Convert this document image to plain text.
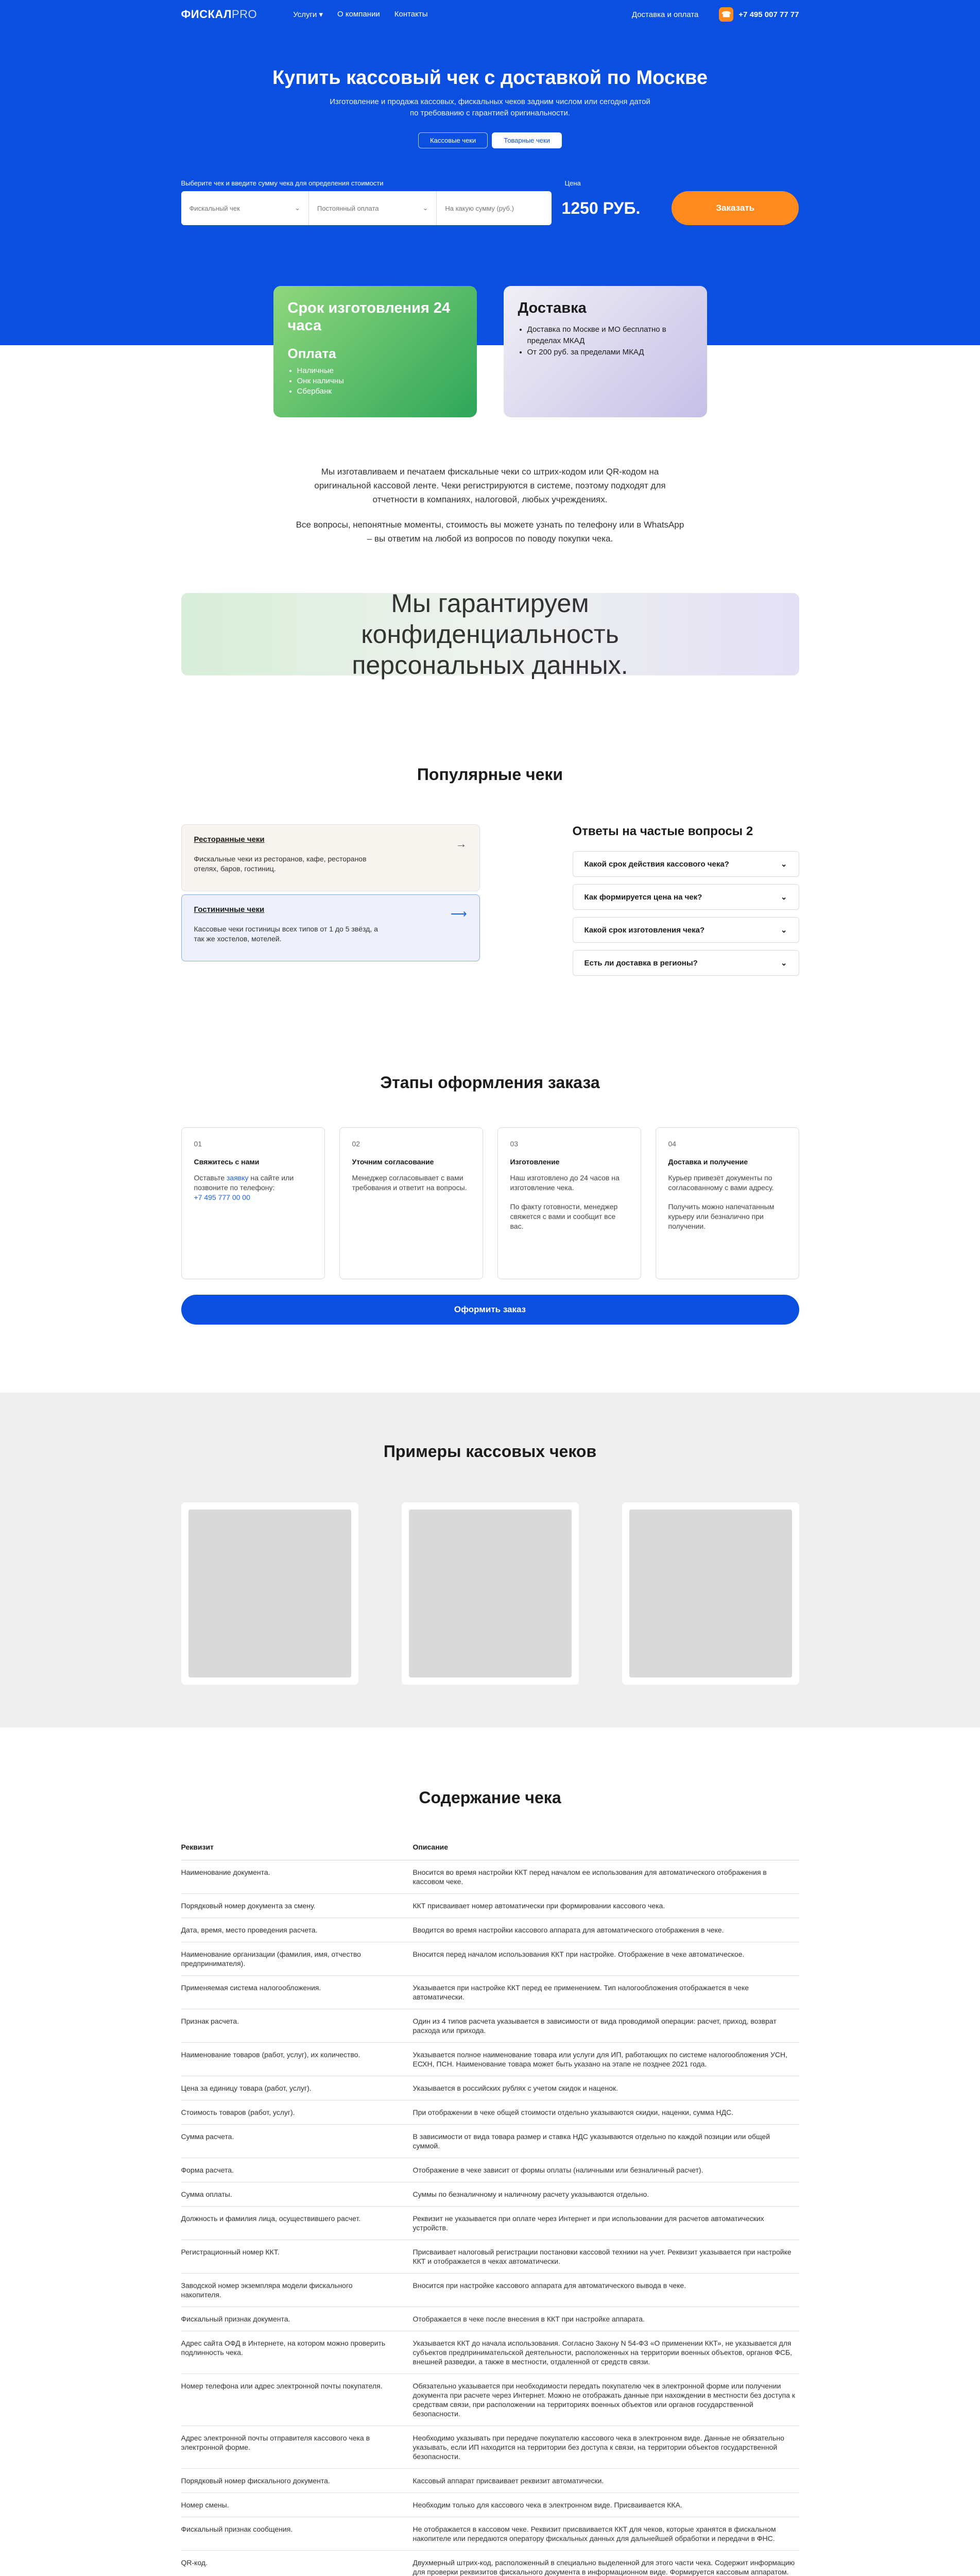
ФИСКАЛPRO	Услуги ▾ О компании Контакты	Доставка и оплата	☎ +7 495 007 77 77
Купить кассовый чек с доставкой по Москве

Изготовление и продажа кассовых, фискальных чеков задним числом или сегодня датой по требованию с гарантией оригинальности.

Кассовые чеки	Товарные чеки
Выберите чек и введите сумму чека для определения стоимости	Цена
Фискальный чек	⌄	Постоянный оплата	⌄	На какую сумму (руб.)	1250 РУБ.	Заказать
Срок изготовления 24 часа
Оплата
• Наличные
• Онк наличны
• Сбербанк
Доставка
• Доставка по Москве и МО бесплатно в пределах МКАД
• От 200 руб. за пределами МКАД

Мы изготавливаем и печатаем фискальные чеки со штрих-кодом или QR-кодом на оригинальной кассовой ленте. Чеки регистрируются в системе, поэтому подходят для отчетности в компаниях, налоговой, любых учреждениях.

Все вопросы, непонятные моменты, стоимость вы можете узнать по телефону или в WhatsApp – вы ответим на любой из вопросов по поводу покупки чека.

Мы гарантируем конфиденциальность персональных данных.
Популярные чеки
Ресторанные чеки
Фискальные чеки из ресторанов, кафе, ресторанов отелях, баров, гостиниц.
→
Гостиничные чеки
Кассовые чеки гостиницы всех типов от 1 до 5 звёзд, а так же хостелов, мотелей.
⟶
Ответы на частые вопросы 2
Какой срок действия кассового чека?	⌄
Как формируется цена на чек?	⌄
Какой срок изготовления чека?	⌄
Есть ли доставка в регионы?	⌄
Этапы оформления заказа
01
Свяжитесь с нами
Оставьте заявку на сайте или позвоните по телефону:
+7 495 777 00 00
02
Уточним согласование
Менеджер согласовывает с вами требования и ответит на вопросы.
03
Изготовление
Наш изготовлено до 24 часов на изготовление чека.
По факту готовности, менеджер свяжется с вами и сообщит все вас.
04
Доставка и получение
Курьер привезёт документы по согласованному с вами адресу.
Получить можно напечатанным курьеру или безналично при получении.
Оформить заказ
Примеры кассовых чеков
Содержание чека
Реквизит	Описание
Наименование документа.	Вносится во время настройки ККТ перед началом ее использования для автоматического отображения в кассовом чеке.
Порядковый номер документа за смену.	ККТ присваивает номер автоматически при формировании кассового чека.
Дата, время, место проведения расчета.	Вводится во время настройки кассового аппарата для автоматического отображения в чеке.
Наименование организации (фамилия, имя, отчество предпринимателя).	Вносится перед началом использования ККТ при настройке. Отображение в чеке автоматическое.
Применяемая система налогообложения.	Указывается при настройке ККТ перед ее применением. Тип налогообложения отображается в чеке автоматически.
Признак расчета.	Один из 4 типов расчета указывается в зависимости от вида проводимой операции: расчет, приход, возврат расхода или прихода.
Наименование товаров (работ, услуг), их количество.	Указывается полное наименование товара или услуги для ИП, работающих по системе налогообложения УСН, ЕСХН, ПСН. Наименование товара может быть указано на этапе не позднее 2021 года.
Цена за единицу товара (работ, услуг).	Указывается в российских рублях с учетом скидок и наценок.
Стоимость товаров (работ, услуг).	При отображении в чеке общей стоимости отдельно указываются скидки, наценки, сумма НДС.
Сумма расчета.	В зависимости от вида товара размер и ставка НДС указываются отдельно по каждой позиции или общей суммой.
Форма расчета.	Отображение в чеке зависит от формы оплаты (наличными или безналичный расчет).
Сумма оплаты.	Суммы по безналичному и наличному расчету указываются отдельно.
Должность и фамилия лица, осуществившего расчет.	Реквизит не указывается при оплате через Интернет и при использовании для расчетов автоматических устройств.
Регистрационный номер ККТ.	Присваивает налоговый регистрации постановки кассовой техники на учет. Реквизит указывается при настройке ККТ и отображается в чеках автоматически.
Заводской номер экземпляра модели фискального накопителя.	Вносится при настройке кассового аппарата для автоматического вывода в чеке.
Фискальный признак документа.	Отображается в чеке после внесения в ККТ при настройке аппарата.
Адрес сайта ОФД в Интернете, на котором можно проверить подлинность чека.	Указывается ККТ до начала использования. Согласно Закону N 54-ФЗ «О применении ККТ», не указывается для субъектов предпринимательской деятельности, расположенных на территории военных объектов, органов ФСБ, внешней разведки, а также в местности, отдаленной от средств связи.
Номер телефона или адрес электронной почты покупателя.	Обязательно указывается при необходимости передать покупателю чек в электронной форме или получении документа при расчете через Интернет. Можно не отображать данные при нахождении в местности без доступа к средствам связи, при расположении на территориях военных объектов или органов государственной безопасности.
Адрес электронной почты отправителя кассового чека в электронной форме.	Необходимо указывать при передаче покупателю кассового чека в электронном виде. Данные не обязательно указывать, если ИП находится на территории без доступа к связи, на территории объектов государственной безопасности.
Порядковый номер фискального документа.	Кассовый аппарат присваивает реквизит автоматически.
Номер смены.	Необходим только для кассового чека в электронном виде. Присваивается ККА.
Фискальный признак сообщения.	Не отображается в кассовом чеке. Реквизит присваивается ККТ для чеков, которые хранятся в фискальном накопителе или передаются оператору фискальных данных для дальнейшей обработки и передачи в ФНС.
QR-код.	Двухмерный штрих-код, расположенный в специально выделенной для этого части чека. Содержит информацию для проверки реквизитов фискального документа в информационном виде. Формируется кассовым аппаратом.
